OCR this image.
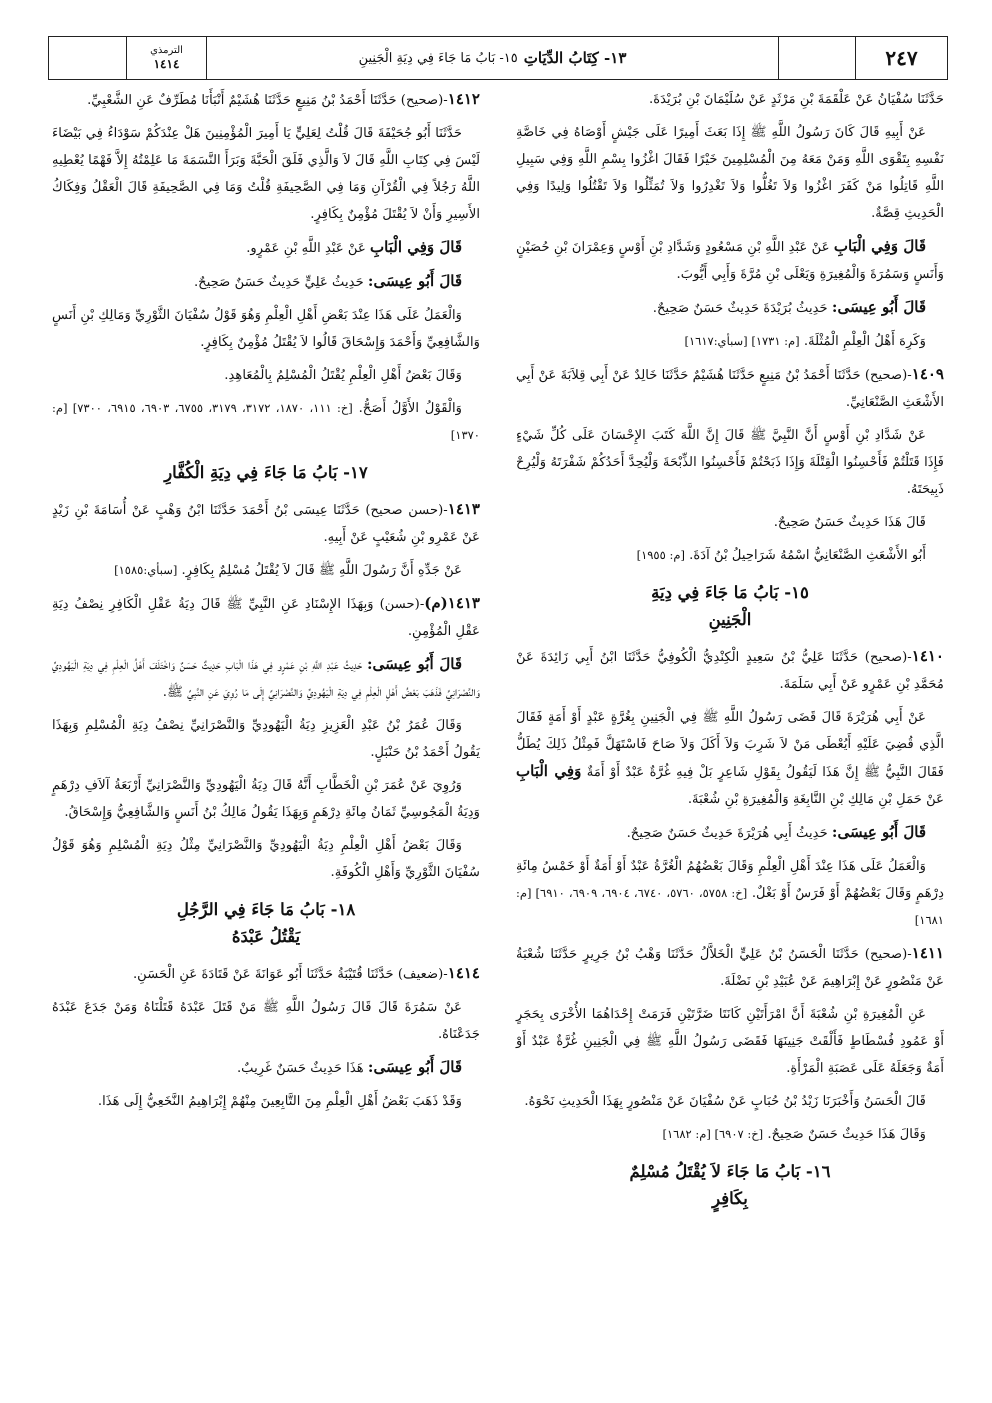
٢٤٧
١٣- كِتَابُ الدِّيَاتِ
١٥- بَابُ مَا جَاءَ فِي دِيَةِ الْجَنِينِ
الترمذي
١٤١٤

حَدَّثَنَا سُفْيَانُ عَنْ عَلْقَمَةَ بْنِ مَرْثَدٍ عَنْ سُلَيْمَانَ بْنِ بُرَيْدَةَ.

عَنْ أَبِيهِ قَالَ كَانَ رَسُولُ اللَّهِ ﷺ إِذَا بَعَثَ أَمِيرًا عَلَى جَيْشٍ أَوْصَاهُ فِي خَاصَّةِ نَفْسِهِ بِتَقْوَى اللَّهِ وَمَنْ مَعَهُ مِنَ الْمُسْلِمِينَ خَيْرًا فَقَالَ اغْزُوا بِسْمِ اللَّهِ وَفِي سَبِيلِ اللَّهِ قَاتِلُوا مَنْ كَفَرَ اغْزُوا وَلاَ تَغُلُّوا وَلاَ تَغْدِرُوا وَلاَ تُمَثِّلُوا وَلاَ تَقْتُلُوا وَلِيدًا وَفِي الْحَدِيثِ قِصَّةٌ.

قَالَ وَفِي الْبَابِ عَنْ عَبْدِ اللَّهِ بْنِ مَسْعُودٍ وَشَدَّادِ بْنِ أَوْسٍ وَعِمْرَانَ بْنِ حُصَيْنٍ وَأَنَسٍ وَسَمُرَةَ وَالْمُغِيرَةِ وَيَعْلَى بْنِ مُرَّةَ وَأَبِي أَيُّوبَ.

قَالَ أَبُو عِيسَى: حَدِيثُ بُرَيْدَةَ حَدِيثٌ حَسَنٌ صَحِيحٌ.

وَكَرِهَ أَهْلُ الْعِلْمِ الْمُثْلَةَ. [م: ١٧٣١] [سبأي:١٦١٧]

١٤٠٩-(صحيح) حَدَّثَنَا أَحْمَدُ بْنُ مَنِيعٍ حَدَّثَنَا هُشَيْمٌ حَدَّثَنَا خَالِدٌ عَنْ أَبِي قِلاَبَةَ عَنْ أَبِي الأَشْعَثِ الصَّنْعَانِيِّ.

عَنْ شَدَّادِ بْنِ أَوْسٍ أَنَّ النَّبِيَّ ﷺ قَالَ إِنَّ اللَّهَ كَتَبَ الإِحْسَانَ عَلَى كُلِّ شَيْءٍ فَإِذَا قَتَلْتُمْ فَأَحْسِنُوا الْقِتْلَةَ وَإِذَا ذَبَحْتُمْ فَأَحْسِنُوا الذِّبْحَةَ وَلْيُحِدَّ أَحَدُكُمْ شَفْرَتَهُ وَلْيُرِحْ ذَبِيحَتَهُ.

قَالَ هَذَا حَدِيثٌ حَسَنٌ صَحِيحٌ.

أَبُو الأَشْعَثِ الصَّنْعَانِيُّ اسْمُهُ شَرَاحِيلُ بْنُ آدَةَ. [م: ١٩٥٥]

١٥- بَابُ مَا جَاءَ فِي دِيَةِ
الْجَنِينِ

١٤١٠-(صحيح) حَدَّثَنَا عَلِيُّ بْنُ سَعِيدٍ الْكِنْدِيُّ الْكُوفِيُّ حَدَّثَنَا ابْنُ أَبِي زَائِدَةَ عَنْ مُحَمَّدِ بْنِ عَمْرٍو عَنْ أَبِي سَلَمَةَ.

عَنْ أَبِي هُرَيْرَةَ قَالَ قَضَى رَسُولُ اللَّهِ ﷺ فِي الْجَنِينِ بِغُرَّةٍ عَبْدٍ أَوْ أَمَةٍ فَقَالَ الَّذِي قُضِيَ عَلَيْهِ أَيُعْطَى مَنْ لاَ شَرِبَ وَلاَ أَكَلَ وَلاَ صَاحَ فَاسْتَهَلَّ فَمِثْلُ ذَلِكَ يُطَلُّ فَقَالَ النَّبِيُّ ﷺ إِنَّ هَذَا لَيَقُولُ بِقَوْلِ شَاعِرٍ بَلْ فِيهِ غُرَّةٌ عَبْدٌ أَوْ أَمَةٌ وَفِي الْبَابِ عَنْ حَمَلِ بْنِ مَالِكِ بْنِ النَّابِغَةِ وَالْمُغِيرَةِ بْنِ شُعْبَةَ.

قَالَ أَبُو عِيسَى: حَدِيثُ أَبِي هُرَيْرَةَ حَدِيثٌ حَسَنٌ صَحِيحٌ.

وَالْعَمَلُ عَلَى هَذَا عِنْدَ أَهْلِ الْعِلْمِ وَقَالَ بَعْضُهُمُ الْغُرَّةُ عَبْدٌ أَوْ أَمَةٌ أَوْ خَمْسُ مِائَةِ دِرْهَمٍ وَقَالَ بَعْضُهُمْ أَوْ فَرَسٌ أَوْ بَغْلٌ. [خ: ٥٧٥٨، ٥٧٦٠، ٦٧٤٠، ٦٩٠٤، ٦٩٠٩، ٦٩١٠] [م: ١٦٨١]

١٤١١-(صحيح) حَدَّثَنَا الْحَسَنُ بْنُ عَلِيٍّ الْخَلاَّلُ حَدَّثَنَا وَهْبُ بْنُ جَرِيرٍ حَدَّثَنَا شُعْبَةُ عَنْ مَنْصُورٍ عَنْ إِبْرَاهِيمَ عَنْ عُبَيْدِ بْنِ نَضْلَةَ.

عَنِ الْمُغِيرَةِ بْنِ شُعْبَةَ أَنَّ امْرَأَتَيْنِ كَانَتَا ضَرَّتَيْنِ فَرَمَتْ إِحْدَاهُمَا الأُخْرَى بِحَجَرٍ أَوْ عَمُودِ فُسْطَاطٍ فَأَلْقَتْ جَنِينَهَا فَقَضَى رَسُولُ اللَّهِ ﷺ فِي الْجَنِينِ غُرَّةٌ عَبْدٌ أَوْ أَمَةٌ وَجَعَلَهُ عَلَى عَصَبَةِ الْمَرْأَةِ.

قَالَ الْحَسَنُ وَأَخْبَرَنَا زَيْدُ بْنُ حُبَابٍ عَنْ سُفْيَانَ عَنْ مَنْصُورٍ بِهَذَا الْحَدِيثِ نَحْوَهُ.

وَقَالَ هَذَا حَدِيثٌ حَسَنٌ صَحِيحٌ. [خ: ٦٩٠٧] [م: ١٦٨٢]

١٦- بَابُ مَا جَاءَ لاَ يُقْتَلُ مُسْلِمٌ
بِكَافِرٍ

١٤١٢-(صحيح) حَدَّثَنَا أَحْمَدُ بْنُ مَنِيعٍ حَدَّثَنَا هُشَيْمٌ أَنْبَأَنَا مُطَرِّفٌ عَنِ الشَّعْبِيِّ.

حَدَّثَنَا أَبُو جُحَيْفَةَ قَالَ قُلْتُ لِعَلِيٍّ يَا أَمِيرَ الْمُؤْمِنِينَ هَلْ عِنْدَكُمْ سَوْدَاءُ فِي بَيْضَاءَ لَيْسَ فِي كِتَابِ اللَّهِ قَالَ لاَ وَالَّذِي فَلَقَ الْحَبَّةَ وَبَرَأَ النَّسَمَةَ مَا عَلِمْتُهُ إِلاَّ فَهْمًا يُعْطِيهِ اللَّهُ رَجُلاً فِي الْقُرْآنِ وَمَا فِي الصَّحِيفَةِ قُلْتُ وَمَا فِي الصَّحِيفَةِ قَالَ الْعَقْلُ وَفِكَاكُ الأَسِيرِ وَأَنْ لاَ يُقْتَلَ مُؤْمِنٌ بِكَافِرٍ.

قَالَ وَفِي الْبَابِ عَنْ عَبْدِ اللَّهِ بْنِ عَمْرٍو.

قَالَ أَبُو عِيسَى: حَدِيثُ عَلِيٍّ حَدِيثٌ حَسَنٌ صَحِيحٌ.

وَالْعَمَلُ عَلَى هَذَا عِنْدَ بَعْضِ أَهْلِ الْعِلْمِ وَهُوَ قَوْلُ سُفْيَانَ الثَّوْرِيِّ وَمَالِكِ بْنِ أَنَسٍ وَالشَّافِعِيِّ وَأَحْمَدَ وَإِسْحَاقَ قَالُوا لاَ يُقْتَلُ مُؤْمِنٌ بِكَافِرٍ.

وَقَالَ بَعْضُ أَهْلِ الْعِلْمِ يُقْتَلُ الْمُسْلِمُ بِالْمُعَاهِدِ.

وَالْقَوْلُ الأَوَّلُ أَصَحُّ. [خ: ١١١، ١٨٧٠، ٣١٧٢، ٣١٧٩، ٦٧٥٥، ٦٩٠٣، ٦٩١٥، ٧٣٠٠] [م: ١٣٧٠]

١٧- بَابُ مَا جَاءَ فِي دِيَةِ الْكُفَّارِ

١٤١٣-(حسن صحيح) حَدَّثَنَا عِيسَى بْنُ أَحْمَدَ حَدَّثَنَا ابْنُ وَهْبٍ عَنْ أُسَامَةَ بْنِ زَيْدٍ عَنْ عَمْرِو بْنِ شُعَيْبٍ عَنْ أَبِيهِ.

عَنْ جَدِّهِ أَنَّ رَسُولَ اللَّهِ ﷺ قَالَ لاَ يُقْتَلُ مُسْلِمٌ بِكَافِرٍ. [سبأي:١٥٨٥]

١٤١٣(م)-(حسن) وَبِهَذَا الإِسْنَادِ عَنِ النَّبِيِّ ﷺ قَالَ دِيَةُ عَقْلِ الْكَافِرِ نِصْفُ دِيَةِ عَقْلِ الْمُؤْمِنِ.

قَالَ أَبُو عِيسَى: حَدِيثُ عَبْدِ اللَّهِ بْنِ عَمْرٍو فِي هَذَا الْبَابِ حَدِيثٌ حَسَنٌ وَاخْتَلَفَ أَهْلُ الْعِلْمِ فِي دِيَةِ الْيَهُودِيِّ وَالنَّصْرَانِيِّ فَذَهَبَ بَعْضُ أَهْلِ الْعِلْمِ فِي دِيَةِ الْيَهُودِيِّ وَالنَّصْرَانِيِّ إِلَى مَا رُوِيَ عَنِ النَّبِيِّ ﷺ.

وَقَالَ عُمَرُ بْنُ عَبْدِ الْعَزِيزِ دِيَةُ الْيَهُودِيِّ وَالنَّصْرَانِيِّ نِصْفُ دِيَةِ الْمُسْلِمِ وَبِهَذَا يَقُولُ أَحْمَدُ بْنُ حَنْبَلٍ.

وَرُوِيَ عَنْ عُمَرَ بْنِ الْخَطَّابِ أَنَّهُ قَالَ دِيَةُ الْيَهُودِيِّ وَالنَّصْرَانِيِّ أَرْبَعَةُ آلاَفِ دِرْهَمٍ وَدِيَةُ الْمَجُوسِيِّ ثَمَانُ مِائَةِ دِرْهَمٍ وَبِهَذَا يَقُولُ مَالِكُ بْنُ أَنَسٍ وَالشَّافِعِيُّ وَإِسْحَاقُ.

وَقَالَ بَعْضُ أَهْلِ الْعِلْمِ دِيَةُ الْيَهُودِيِّ وَالنَّصْرَانِيِّ مِثْلُ دِيَةِ الْمُسْلِمِ وَهُوَ قَوْلُ سُفْيَانَ الثَّوْرِيِّ وَأَهْلِ الْكُوفَةِ.

١٨- بَابُ مَا جَاءَ فِي الرَّجُلِ
يَقْتُلُ عَبْدَهُ

١٤١٤-(ضعيف) حَدَّثَنَا قُتَيْبَةُ حَدَّثَنَا أَبُو عَوَانَةَ عَنْ قَتَادَةَ عَنِ الْحَسَنِ.

عَنْ سَمُرَةَ قَالَ قَالَ رَسُولُ اللَّهِ ﷺ مَنْ قَتَلَ عَبْدَهُ قَتَلْنَاهُ وَمَنْ جَدَعَ عَبْدَهُ جَدَعْنَاهُ.

قَالَ أَبُو عِيسَى: هَذَا حَدِيثٌ حَسَنٌ غَرِيبٌ.

وَقَدْ ذَهَبَ بَعْضُ أَهْلِ الْعِلْمِ مِنَ التَّابِعِينَ مِنْهُمْ إِبْرَاهِيمُ النَّخَعِيُّ إِلَى هَذَا.
